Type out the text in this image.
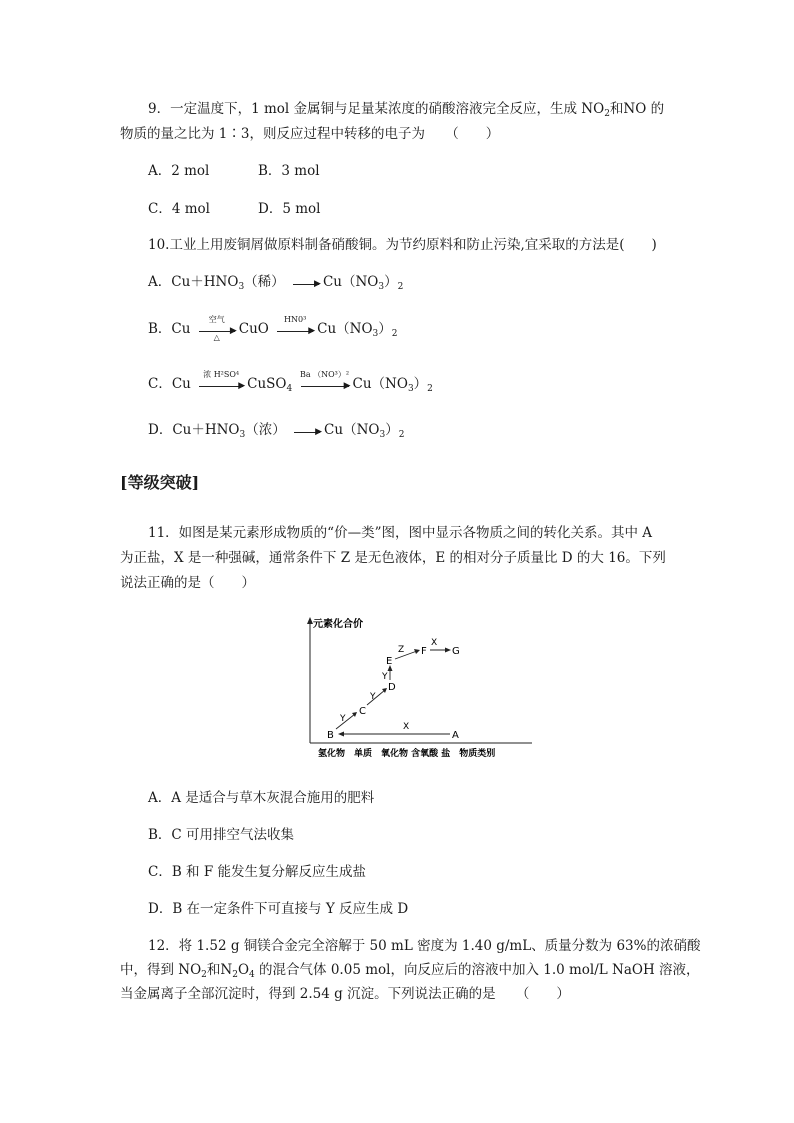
9．一定温度下，1 mol 金属铜与足量某浓度的硝酸溶液完全反应，生成 $NO_2$和NO 的
物质的量之比为 1∶3，则反应过程中转移的电子为　　（　　）
A．2 mol	B．3 mol
C．4 mol	D．5 mol
10.工业上用废铜屑做原料制备硝酸铜。为节约原料和防止污染,宜采取的方法是(　　)
A．$Cu+HNO_3$（稀）	▶ $Cu(NO_3)_2$
B．Cu
空气
▶
△	CuO
HN0³
▶ $Cu(NO_3)_2$
C．Cu
浓 H²SO⁴
▶ CuSO$_4$
Ba （NO³）²
▶ $Cu(NO_3)_2$
D．$Cu+HNO_3$（浓）	▶ $Cu(NO_3)_2$
[等级突破]
11．如图是某元素形成物质的“价—类”图，图中显示各物质之间的转化关系。其中 A
为正盐，X 是一种强碱，通常条件下 Z 是无色液体，E 的相对分子质量比 D 的大 16。下列
说法正确的是（　　）
元素化合价
氢化物　单质　氧化物 含氧酸 盐　物质类别
B	A
X
Y
C
Y
D
Y
E
Z F
X
G
A．A 是适合与草木灰混合施用的肥料
B．C 可用排空气法收集
C．B 和 F 能发生复分解反应生成盐
D．B 在一定条件下可直接与 Y 反应生成 D
12．将 1.52 g 铜镁合金完全溶解于 50 mL 密度为 1.40 g/mL、质量分数为 63%的浓硝酸
中，得到 $NO_2$和$N_2O_4$ 的混合气体 0.05 mol，向反应后的溶液中加入 1.0 mol/L NaOH 溶液，
当金属离子全部沉淀时，得到 2.54 g 沉淀。下列说法正确的是　　（　　）
